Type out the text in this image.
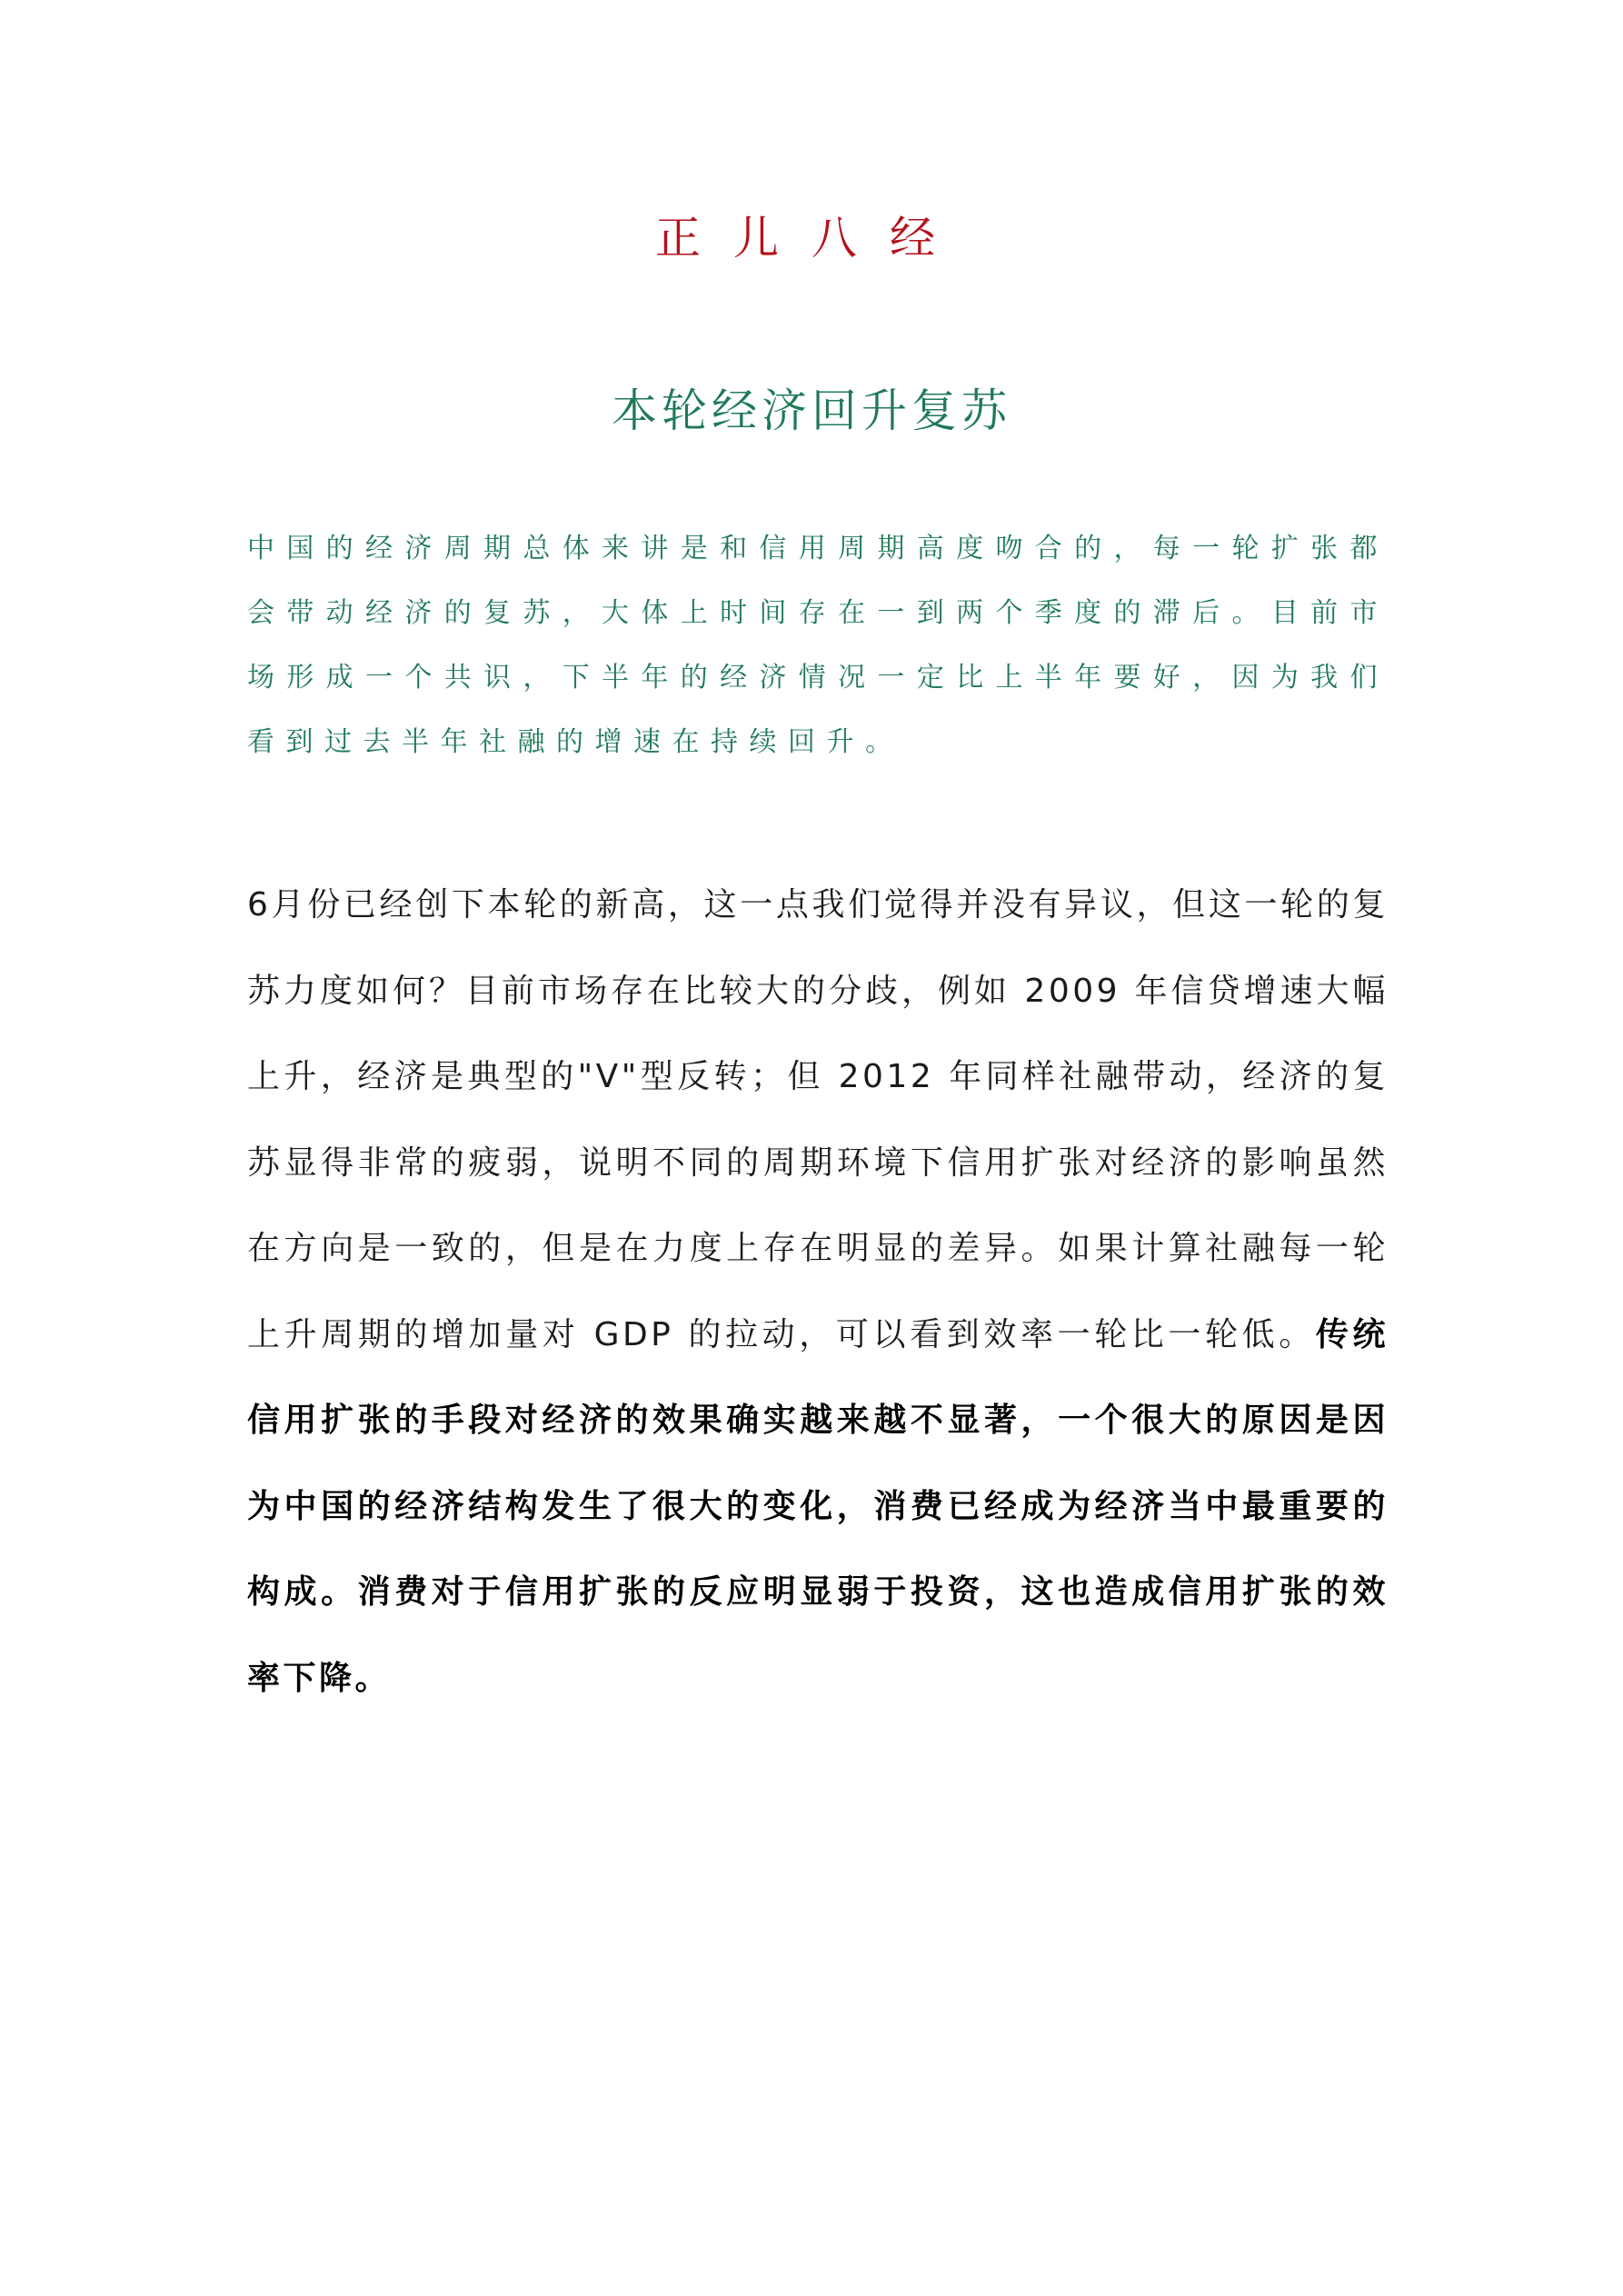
正儿八经
本轮经济回升复苏

中国的经济周期总体来讲是和信用周期高度吻合的，每一轮扩张都会带动经济的复苏，大体上时间存在一到两个季度的滞后。目前市场形成一个共识，下半年的经济情况一定比上半年要好，因为我们看到过去半年社融的增速在持续回升。

6月份已经创下本轮的新高，这一点我们觉得并没有异议，但这一轮的复苏力度如何？目前市场存在比较大的分歧，例如 2009 年信贷增速大幅上升，经济是典型的"V"型反转；但 2012 年同样社融带动，经济的复苏显得非常的疲弱，说明不同的周期环境下信用扩张对经济的影响虽然在方向是一致的，但是在力度上存在明显的差异。如果计算社融每一轮上升周期的增加量对 GDP 的拉动，可以看到效率一轮比一轮低。传统信用扩张的手段对经济的效果确实越来越不显著，一个很大的原因是因为中国的经济结构发生了很大的变化，消费已经成为经济当中最重要的构成。消费对于信用扩张的反应明显弱于投资，这也造成信用扩张的效率下降。
